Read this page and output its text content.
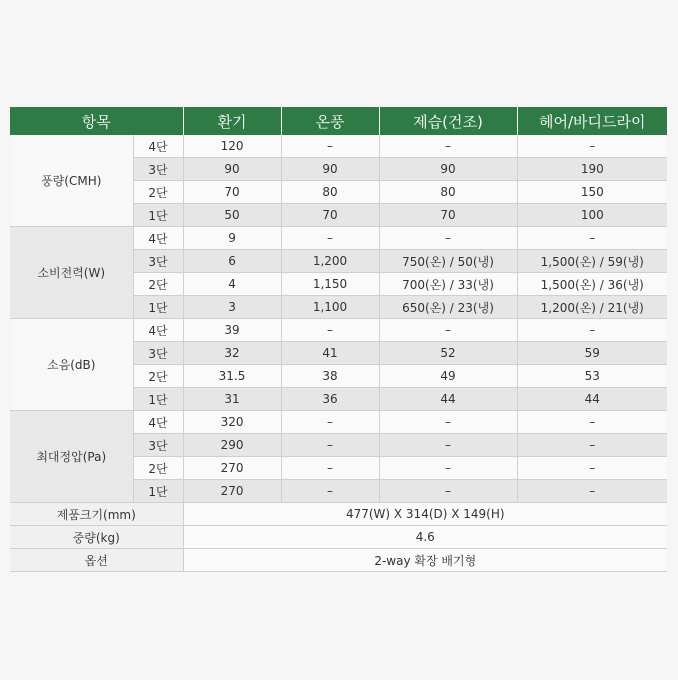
항목		환기	온풍	제습(건조)	헤어/바디드라이
풍량(CMH)	4단	120	–	–	–
	3단	90	90	90	190
	2단	70	80	80	150
	1단	50	70	70	100
소비전력(W)	4단	9	–	–	–
	3단	6	1,200	750(온) / 50(냉)	1,500(온) / 59(냉)
	2단	4	1,150	700(온) / 33(냉)	1,500(온) / 36(냉)
	1단	3	1,100	650(온) / 23(냉)	1,200(온) / 21(냉)
소음(dB)	4단	39	–	–	–
	3단	32	41	52	59
	2단	31.5	38	49	53
	1단	31	36	44	44
최대정압(Pa)	4단	320	–	–	–
	3단	290	–	–	–
	2단	270	–	–	–
	1단	270	–	–	–
제품크기(mm)		477(W) X 314(D) X 149(H)			
중량(kg)		4.6			
옵션		2-way 확장 배기형			
